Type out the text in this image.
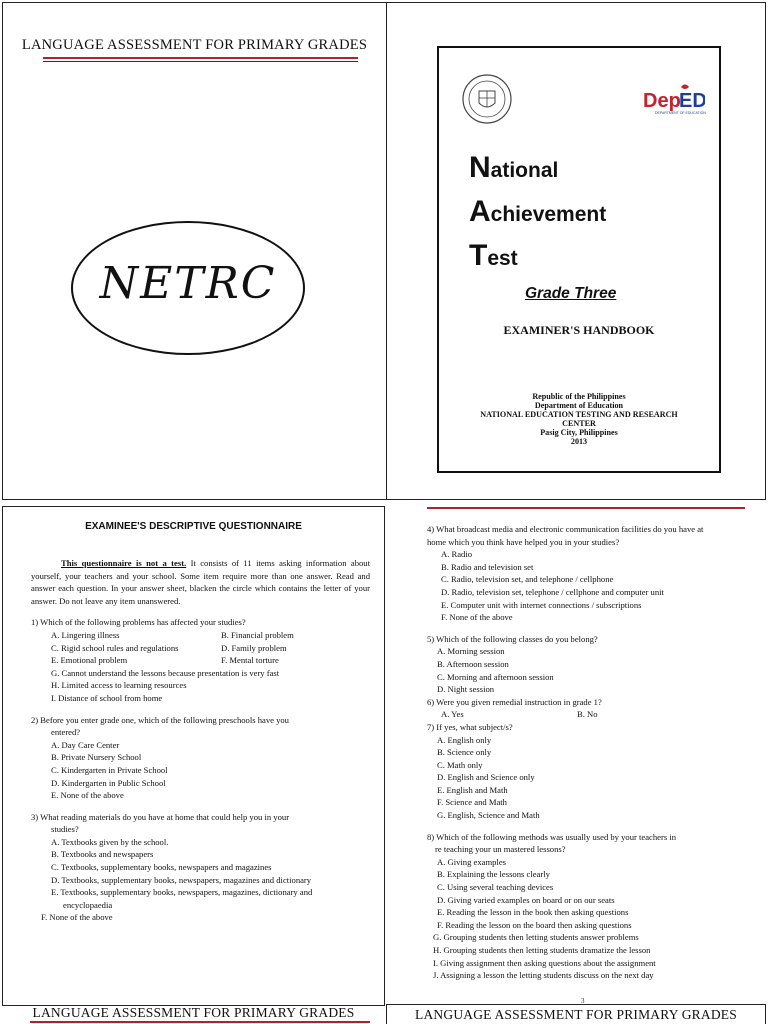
LANGUAGE ASSESSMENT FOR PRIMARY GRADES
NETRC
Dep
ED
DEPARTMENT OF EDUCATION
National
Achievement
Test
Grade Three
EXAMINER'S HANDBOOK
Republic of the Philippines
Department of Education
NATIONAL EDUCATION TESTING AND RESEARCH
CENTER
Pasig City, Philippines
2013
EXAMINEE'S DESCRIPTIVE QUESTIONNAIRE
This questionnaire is not a test. It consists of 11 items asking information about yourself, your teachers and your school. Some item require more than one answer. Read and answer each question. In your answer sheet, blacken the circle which contains the letter of your answer. Do not leave any item unanswered.
1) Which of the following problems has affected your studies?
A. Lingering illness	B. Financial problem
C. Rigid school rules and regulations	D. Family problem
E. Emotional problem	F. Mental torture
G. Cannot understand the lessons because presentation is very fast
H. Limited access to learning resources
I. Distance of school from home
2) Before you enter grade one, which of the following preschools have you
entered?
A. Day Care Center
B. Private Nursery School
C. Kindergarten in Private School
D. Kindergarten in Public School
E. None of the above
3) What reading materials do you have at home that could help you in your
studies?
A. Textbooks given by the school.
B. Textbooks and newspapers
C. Textbooks, supplementary books, newspapers and magazines
D. Textbooks, supplementary books, newspapers, magazines and dictionary
E. Textbooks, supplementary books, newspapers, magazines, dictionary and
encyclopaedia
F. None of the above
LANGUAGE ASSESSMENT FOR PRIMARY GRADES
4) What broadcast media and electronic communication facilities do you have at
home which you think have helped you in your studies?
A. Radio
B. Radio and television set
C. Radio, television set, and telephone / cellphone
D. Radio, television set, telephone / cellphone and computer unit
E. Computer unit with internet connections / subscriptions
F. None of the above
5) Which of the following classes do you belong?
A. Morning session
B. Afternoon session
C. Morning and afternoon session
D. Night session
6) Were you given remedial instruction in grade 1?
A. Yes	B. No
7) If yes, what subject/s?
A. English only
B. Science only
C. Math only
D. English and Science only
E. English and Math
F. Science and Math
G. English, Science and Math
8) Which of the following methods was usually used by your teachers in
re teaching your un mastered lessons?
A. Giving examples
B. Explaining the lessons clearly
C. Using several teaching devices
D. Giving varied examples on board or on our seats
E. Reading the lesson in the book then asking questions
F. Reading the lesson on the board then asking questions
G. Grouping students then letting students answer problems
H. Grouping students then letting students dramatize the lesson
I. Giving assignment then asking questions about the assignment
J. Assigning a lesson the letting students discuss on the next day
3
LANGUAGE ASSESSMENT FOR PRIMARY GRADES
